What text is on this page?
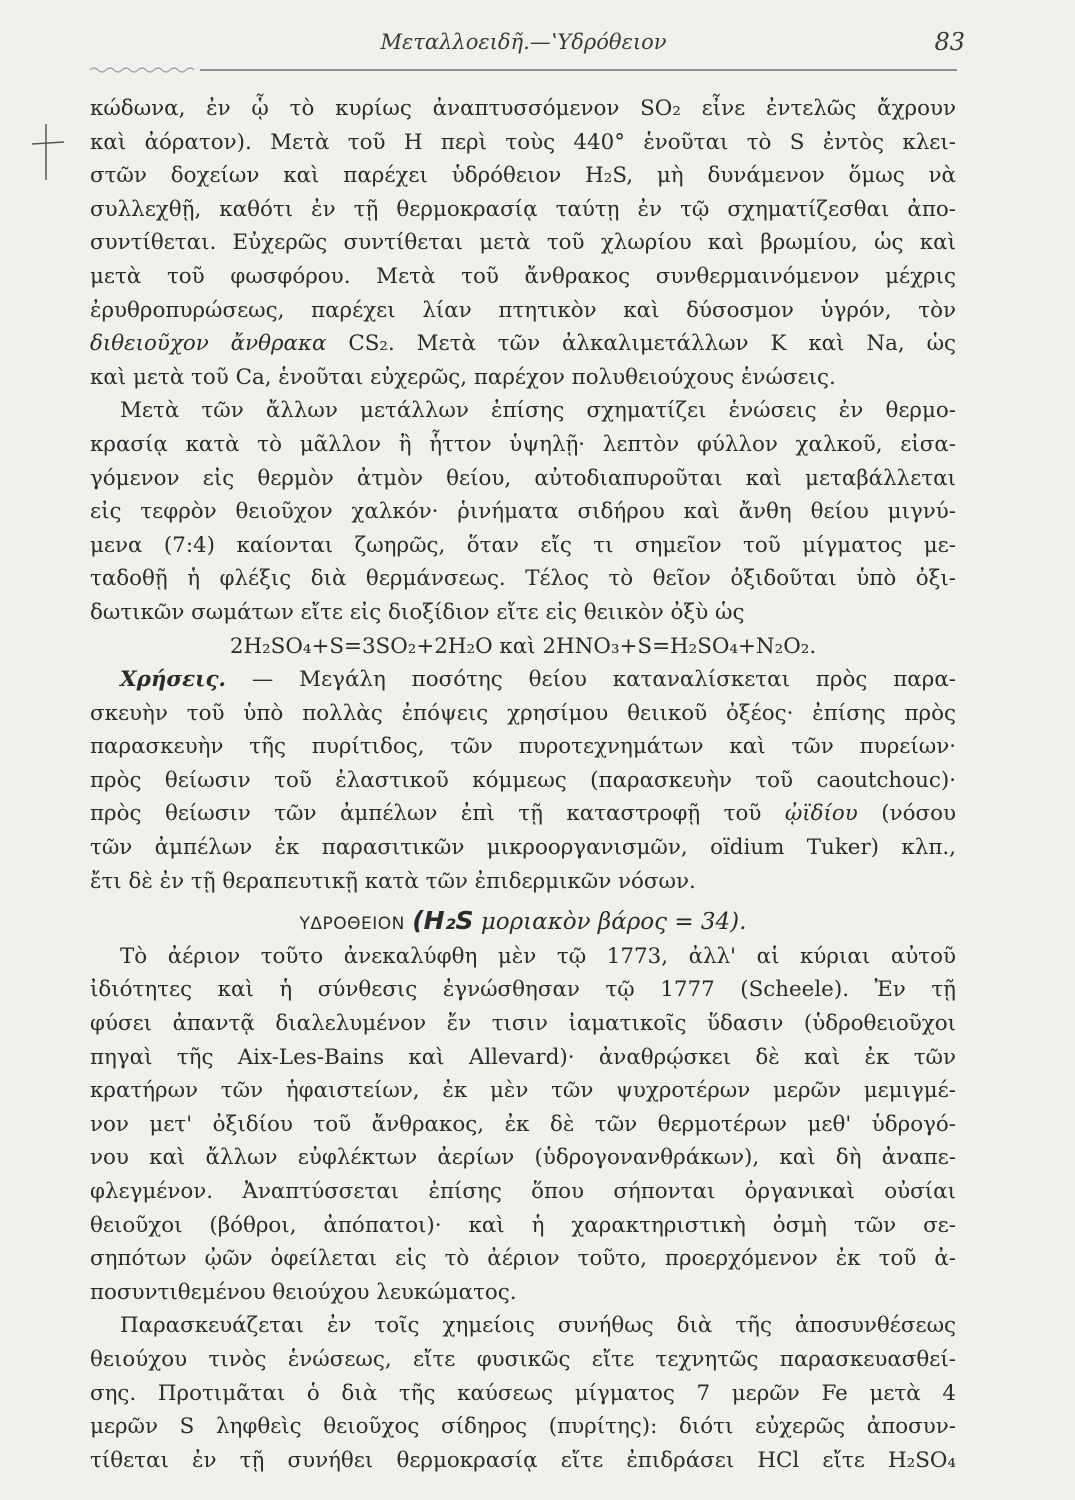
Μεταλλοειδῆ.—ʽΥδρόθειον	83
κώδωνα, ἐν ᾧ τὸ κυρίως ἀναπτυσσόμενον SO₂ εἶνε ἐντελῶς ἄχρουν
καὶ ἀόρατον). Μετὰ τοῦ H περὶ τοὺς 440° ἑνοῦται τὸ S ἐντὸς κλει-
στῶν δοχείων καὶ παρέχει ὑδρόθειον H₂S, μὴ δυνάμενον ὅμως νὰ
συλλεχθῇ, καθότι ἐν τῇ θερμοκρασίᾳ ταύτῃ ἐν τῷ σχηματίζεσθαι ἀπο-
συντίθεται. Εὐχερῶς συντίθεται μετὰ τοῦ χλωρίου καὶ βρωμίου, ὡς καὶ
μετὰ τοῦ φωσφόρου. Μετὰ τοῦ ἄνθρακος συνθερμαινόμενον μέχρις
ἐρυθροπυρώσεως, παρέχει λίαν πτητικὸν καὶ δύσοσμον ὑγρόν, τὸν
διθειοῦχον ἄνθρακα CS₂. Μετὰ τῶν ἀλκαλιμετάλλων K καὶ Na, ὡς
καὶ μετὰ τοῦ Ca, ἑνοῦται εὐχερῶς, παρέχον πολυθειούχους ἑνώσεις.
Μετὰ τῶν ἄλλων μετάλλων ἐπίσης σχηματίζει ἑνώσεις ἐν θερμο-
κρασίᾳ κατὰ τὸ μᾶλλον ἢ ἧττον ὑψηλῇ· λεπτὸν φύλλον χαλκοῦ, εἰσα-
γόμενον εἰς θερμὸν ἀτμὸν θείου, αὐτοδιαπυροῦται καὶ μεταβάλλεται
εἰς τεφρὸν θειοῦχον χαλκόν· ῥινήματα σιδήρου καὶ ἄνθη θείου μιγνύ-
μενα (7:4) καίονται ζωηρῶς, ὅταν εἴς τι σημεῖον τοῦ μίγματος με-
ταδοθῇ ἡ φλέξις διὰ θερμάνσεως. Τέλος τὸ θεῖον ὀξιδοῦται ὑπὸ ὀξι-
δωτικῶν σωμάτων εἴτε εἰς διοξίδιον εἴτε εἰς θειικὸν ὀξὺ ὡς
2H₂SO₄+S=3SO₂+2H₂O καὶ 2HNO₃+S=H₂SO₄+N₂O₂.
Χρήσεις. — Μεγάλη ποσότης θείου καταναλίσκεται πρὸς παρα-
σκευὴν τοῦ ὑπὸ πολλὰς ἐπόψεις χρησίμου θειικοῦ ὀξέος· ἐπίσης πρὸς
παρασκευὴν τῆς πυρίτιδος, τῶν πυροτεχνημάτων καὶ τῶν πυρείων·
πρὸς θείωσιν τοῦ ἐλαστικοῦ κόμμεως (παρασκευὴν τοῦ caoutchouc)·
πρὸς θείωσιν τῶν ἀμπέλων ἐπὶ τῇ καταστροφῇ τοῦ ᾠϊδίου (νόσου
τῶν ἀμπέλων ἐκ παρασιτικῶν μικροοργανισμῶν, oïdium Tuker) κλπ.,
ἔτι δὲ ἐν τῇ θεραπευτικῇ κατὰ τῶν ἐπιδερμικῶν νόσων.
ΥΔΡΟΘΕΙΟΝ (H₂S μοριακὸν βάρος = 34).
Τὸ ἀέριον τοῦτο ἀνεκαλύφθη μὲν τῷ 1773, ἀλλ' αἱ κύριαι αὐτοῦ
ἰδιότητες καὶ ἡ σύνθεσις ἐγνώσθησαν τῷ 1777 (Scheele). Ἐν τῇ
φύσει ἀπαντᾷ διαλελυμένον ἔν τισιν ἰαματικοῖς ὕδασιν (ὑδροθειοῦχοι
πηγαὶ τῆς Aix-Les-Bains καὶ Allevard)· ἀναθρῴσκει δὲ καὶ ἐκ τῶν
κρατήρων τῶν ἡφαιστείων, ἐκ μὲν τῶν ψυχροτέρων μερῶν μεμιγμέ-
νον μετ' ὀξιδίου τοῦ ἄνθρακος, ἐκ δὲ τῶν θερμοτέρων μεθ' ὑδρογό-
νου καὶ ἄλλων εὐφλέκτων ἀερίων (ὑδρογονανθράκων), καὶ δὴ ἀναπε-
φλεγμένον. Ἀναπτύσσεται ἐπίσης ὅπου σήπονται ὀργανικαὶ οὐσίαι
θειοῦχοι (βόθροι, ἀπόπατοι)· καὶ ἡ χαρακτηριστικὴ ὀσμὴ τῶν σε-
σηπότων ᾠῶν ὀφείλεται εἰς τὸ ἀέριον τοῦτο, προερχόμενον ἐκ τοῦ ἀ-
ποσυντιθεμένου θειούχου λευκώματος.
Παρασκευάζεται ἐν τοῖς χημείοις συνήθως διὰ τῆς ἀποσυνθέσεως
θειούχου τινὸς ἑνώσεως, εἴτε φυσικῶς εἴτε τεχνητῶς παρασκευασθεί-
σης. Προτιμᾶται ὁ διὰ τῆς καύσεως μίγματος 7 μερῶν Fe μετὰ 4
μερῶν S ληφθεὶς θειοῦχος σίδηρος (πυρίτης): διότι εὐχερῶς ἀποσυν-
τίθεται ἐν τῇ συνήθει θερμοκρασίᾳ εἴτε ἐπιδράσει HCl εἴτε H₂SO₄
